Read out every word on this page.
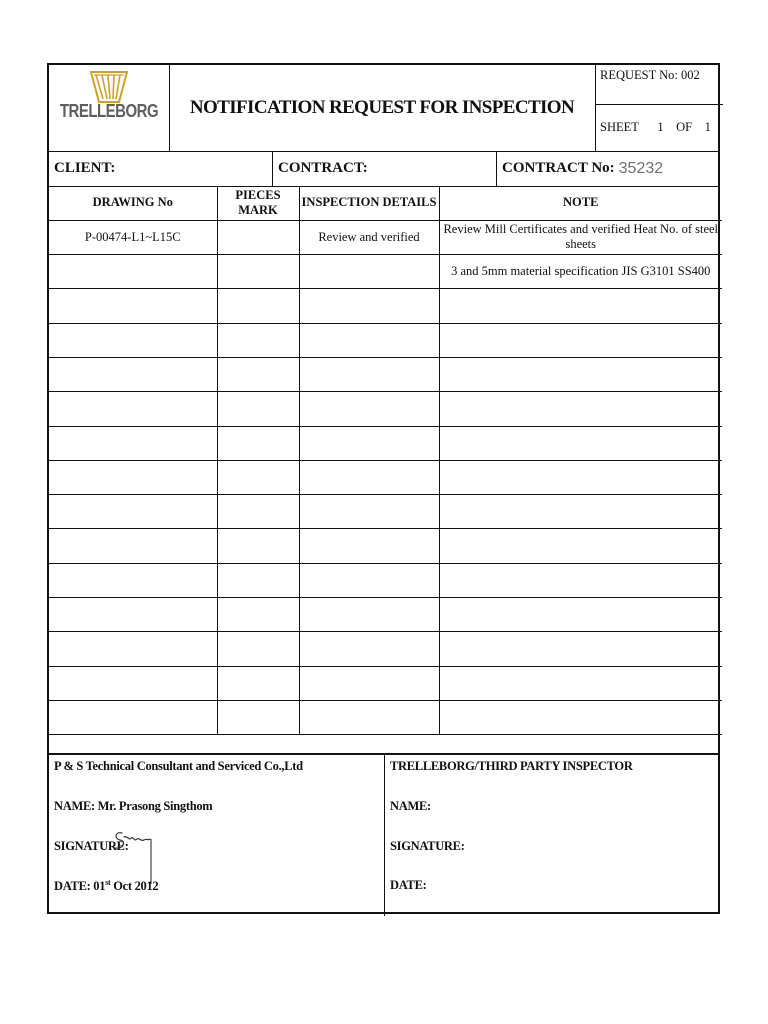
TRELLEBORG	NOTIFICATION REQUEST FOR INSPECTION
REQUEST No: 002
SHEET      1    OF    1
CLIENT:	CONTRACT:	CONTRACT No: 35232
DRAWING No	PIECES MARK	INSPECTION DETAILS	NOTE
P-00474-L1~L15C		Review and verified	Review Mill Certificates and verified Heat No. of steel sheets
			3 and 5mm material specification JIS G3101 SS400

P & S Technical Consultant and Serviced Co.,Ltd
NAME: Mr. Prasong Singthom
SIGNATURE:
DATE: 01st Oct 2012
TRELLEBORG/THIRD PARTY INSPECTOR
NAME:
SIGNATURE:
DATE:
